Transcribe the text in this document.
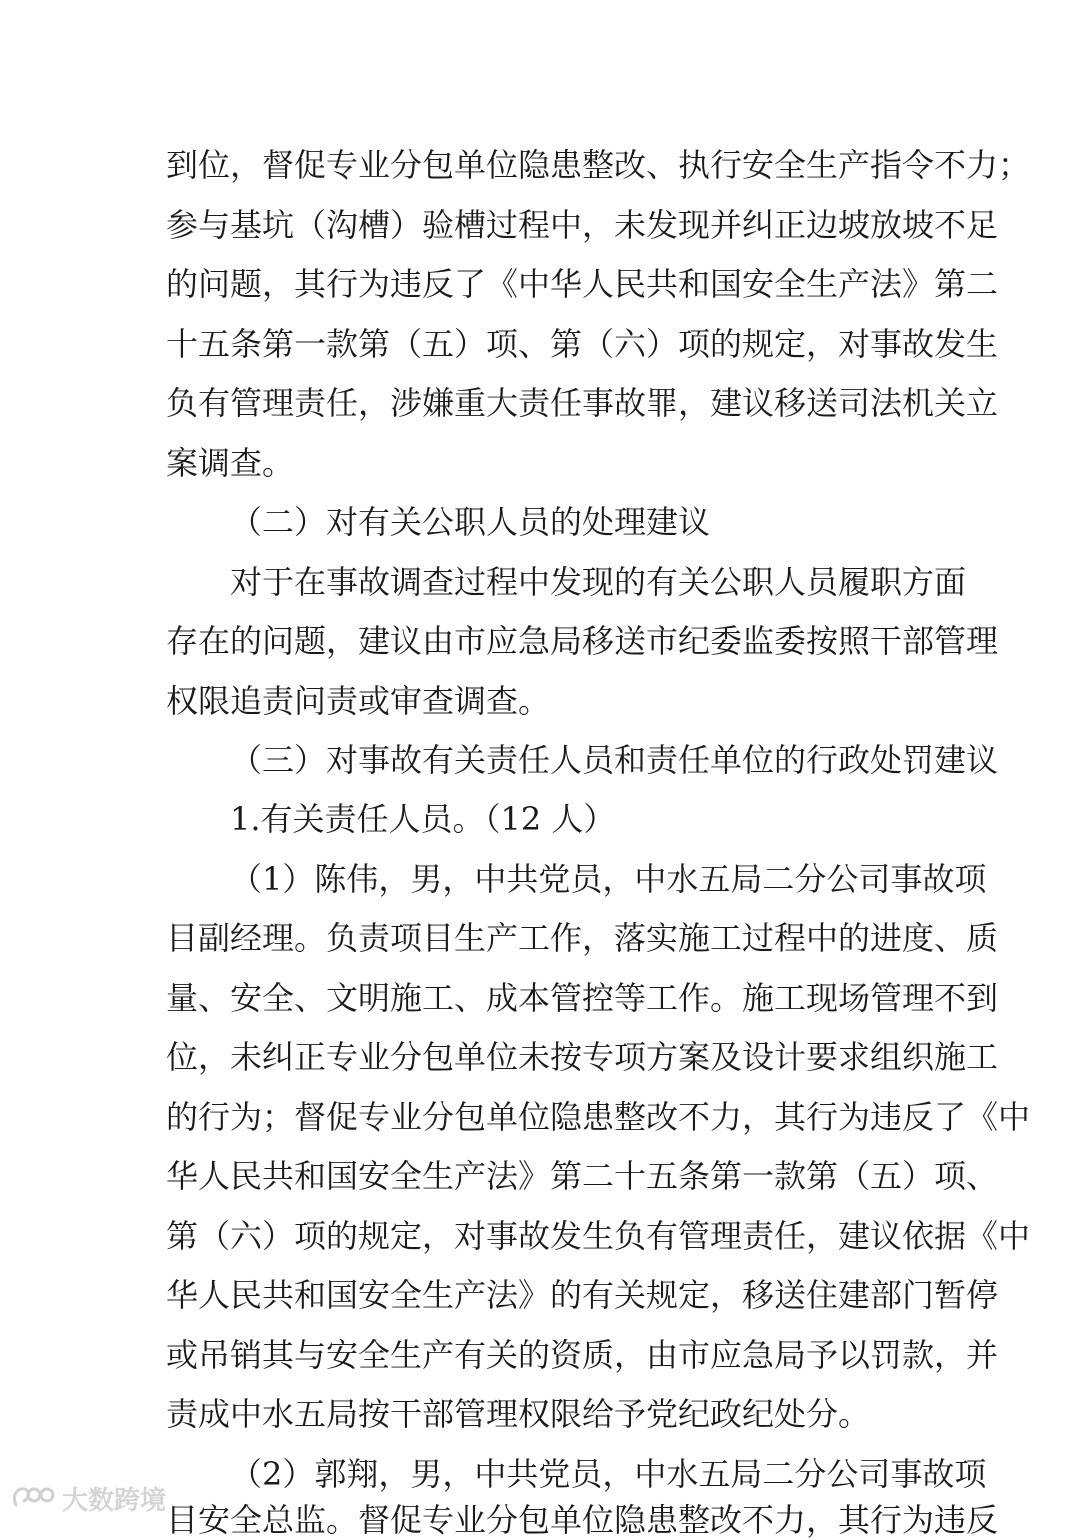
到位，督促专业分包单位隐患整改、执行安全生产指令不力；
参与基坑（沟槽）验槽过程中，未发现并纠正边坡放坡不足
的问题，其行为违反了《中华人民共和国安全生产法》第二
十五条第一款第（五）项、第（六）项的规定，对事故发生
负有管理责任，涉嫌重大责任事故罪，建议移送司法机关立
案调查。
（二）对有关公职人员的处理建议
对于在事故调查过程中发现的有关公职人员履职方面
存在的问题，建议由市应急局移送市纪委监委按照干部管理
权限追责问责或审查调查。
（三）对事故有关责任人员和责任单位的行政处罚建议
1.有关责任人员。（12 人）
（1）陈伟，男，中共党员，中水五局二分公司事故项
目副经理。负责项目生产工作，落实施工过程中的进度、质
量、安全、文明施工、成本管控等工作。施工现场管理不到
位，未纠正专业分包单位未按专项方案及设计要求组织施工
的行为；督促专业分包单位隐患整改不力，其行为违反了《中
华人民共和国安全生产法》第二十五条第一款第（五）项、
第（六）项的规定，对事故发生负有管理责任，建议依据《中
华人民共和国安全生产法》的有关规定，移送住建部门暂停
或吊销其与安全生产有关的资质，由市应急局予以罚款，并
责成中水五局按干部管理权限给予党纪政纪处分。
（2）郭翔，男，中共党员，中水五局二分公司事故项
目安全总监。督促专业分包单位隐患整改不力，其行为违反
大数跨境
